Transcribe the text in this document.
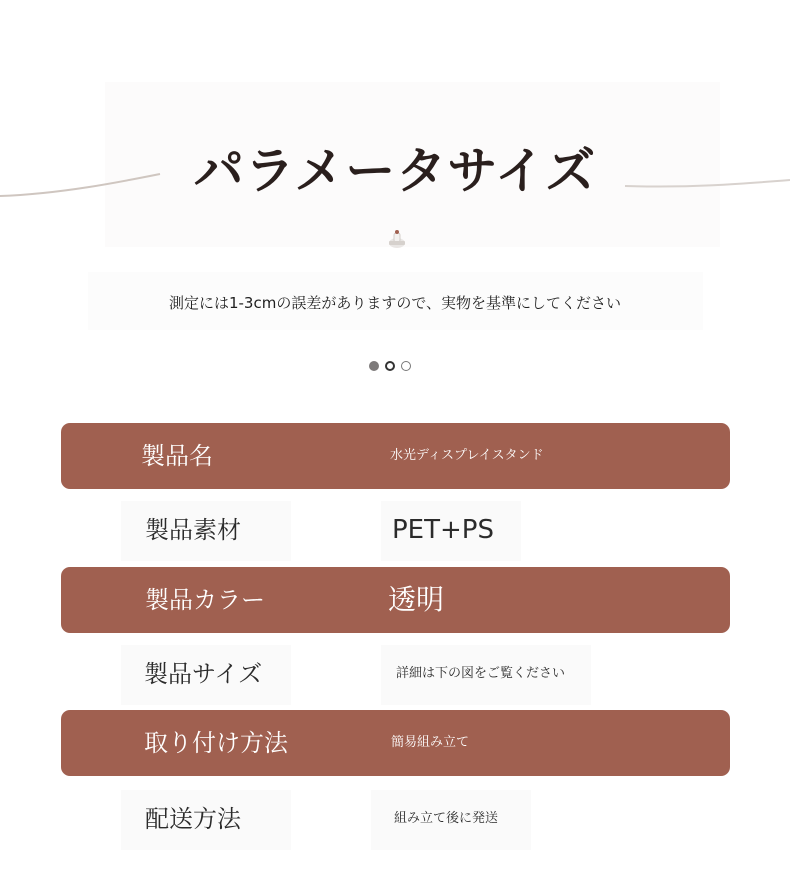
パラメータサイズ
測定には1-3cmの誤差がありますので、実物を基準にしてください
製品名	水光ディスプレイスタンド
製品素材	PET+PS
製品カラー	透明
製品サイズ	詳細は下の図をご覧ください
取り付け方法	簡易組み立て
配送方法	組み立て後に発送
